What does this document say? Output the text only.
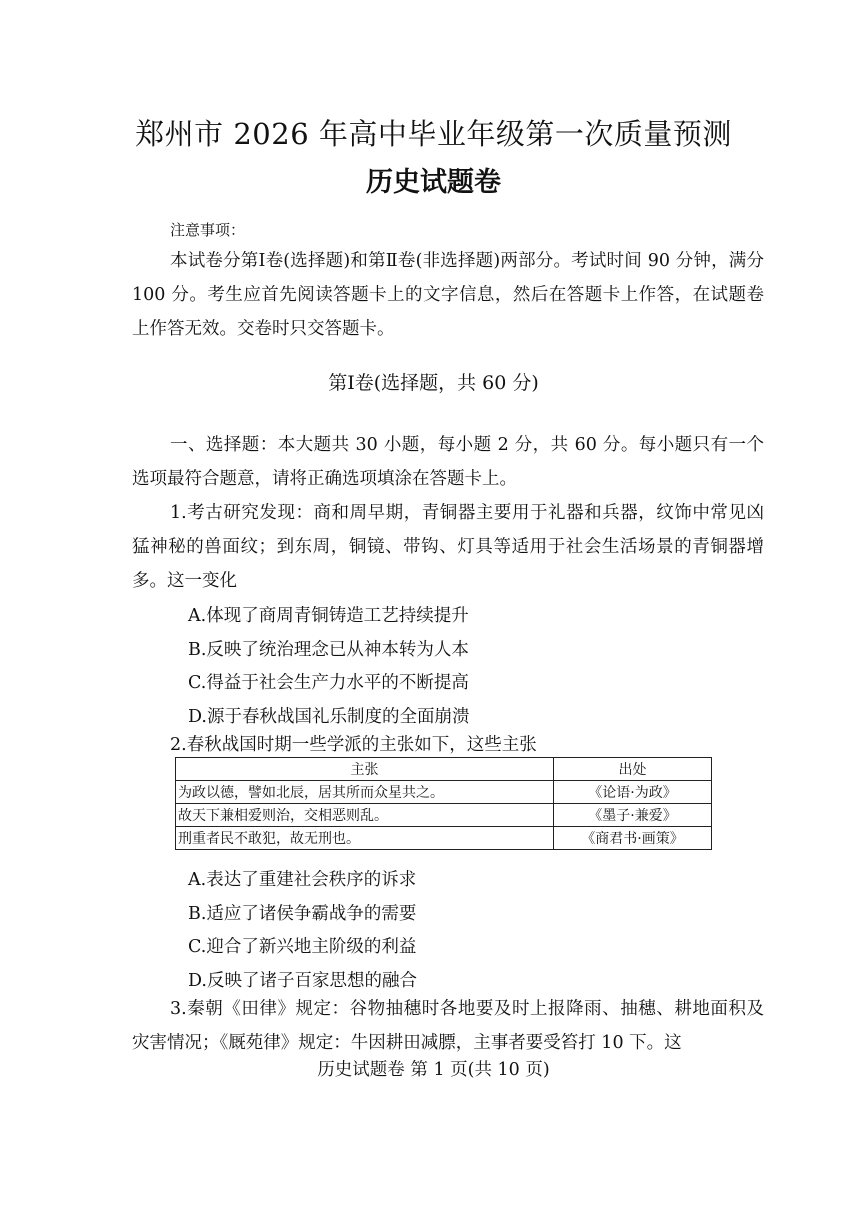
郑州市 2026 年高中毕业年级第一次质量预测
历史试题卷
注意事项：
本试卷分第Ⅰ卷(选择题)和第Ⅱ卷(非选择题)两部分。考试时间 90 分钟，满分 100 分。考生应首先阅读答题卡上的文字信息，然后在答题卡上作答，在试题卷上作答无效。交卷时只交答题卡。
第Ⅰ卷(选择题，共 60 分)
一、选择题：本大题共 30 小题，每小题 2 分，共 60 分。每小题只有一个选项最符合题意，请将正确选项填涂在答题卡上。
1.考古研究发现：商和周早期，青铜器主要用于礼器和兵器，纹饰中常见凶猛神秘的兽面纹；到东周，铜镜、带钩、灯具等适用于社会生活场景的青铜器增多。这一变化
A.体现了商周青铜铸造工艺持续提升
B.反映了统治理念已从神本转为人本
C.得益于社会生产力水平的不断提高
D.源于春秋战国礼乐制度的全面崩溃
2.春秋战国时期一些学派的主张如下，这些主张
主张	出处
为政以德，譬如北辰，居其所而众星共之。	《论语·为政》
故天下兼相爱则治，交相恶则乱。	《墨子·兼爱》
刑重者民不敢犯，故无刑也。	《商君书·画策》
A.表达了重建社会秩序的诉求
B.适应了诸侯争霸战争的需要
C.迎合了新兴地主阶级的利益
D.反映了诸子百家思想的融合
3.秦朝《田律》规定：谷物抽穗时各地要及时上报降雨、抽穗、耕地面积及灾害情况；《厩苑律》规定：牛因耕田减膘，主事者要受笞打 10 下。这
历史试题卷 第 1 页(共 10 页)
